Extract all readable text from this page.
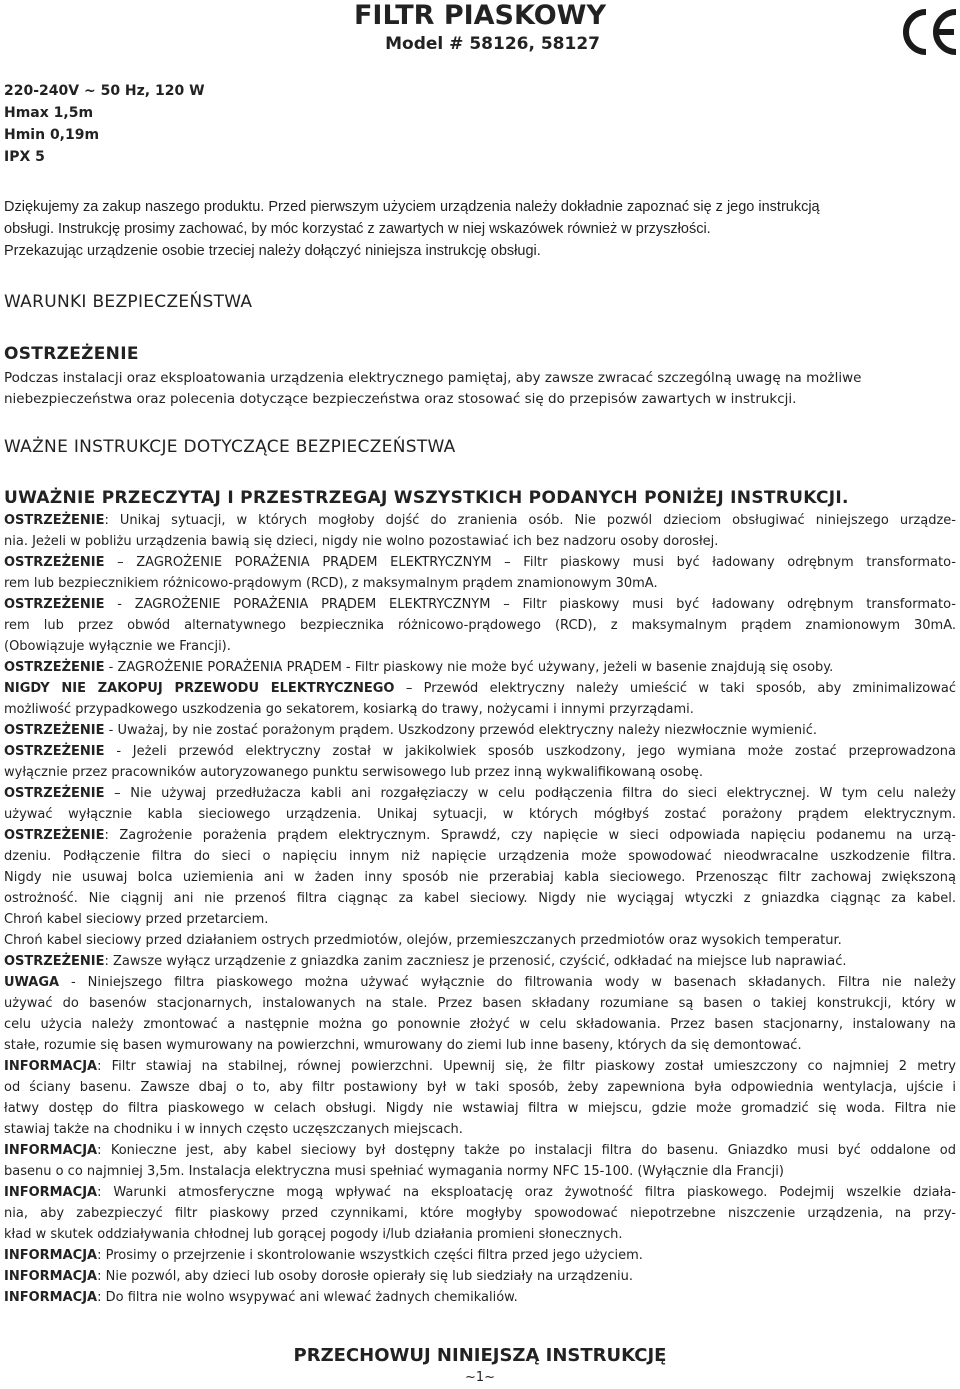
FILTR PIASKOWY
Model # 58126, 58127
220-240V ~ 50 Hz, 120 W
Hmax 1,5m
Hmin 0,19m
IPX 5
Dziękujemy za zakup naszego produktu. Przed pierwszym użyciem urządzenia należy dokładnie zapoznać się z jego instrukcją
obsługi. Instrukcję prosimy zachować, by móc korzystać z zawartych w niej wskazówek również w przyszłości.
Przekazując urządzenie osobie trzeciej należy dołączyć niniejsza instrukcję obsługi.
WARUNKI BEZPIECZEŃSTWA
OSTRZEŻENIE
Podczas instalacji oraz eksploatowania urządzenia elektrycznego pamiętaj, aby zawsze zwracać szczególną uwagę na możliwe
niebezpieczeństwa oraz polecenia dotyczące bezpieczeństwa oraz stosować się do przepisów zawartych w instrukcji.
WAŻNE INSTRUKCJE DOTYCZĄCE BEZPIECZEŃSTWA
UWAŻNIE PRZECZYTAJ I PRZESTRZEGAJ WSZYSTKICH PODANYCH PONIŻEJ INSTRUKCJI.
OSTRZEŻENIE: Unikaj sytuacji, w których mogłoby dojść do zranienia osób. Nie pozwól dzieciom obsługiwać niniejszego urządze-
nia. Jeżeli w pobliżu urządzenia bawią się dzieci, nigdy nie wolno pozostawiać ich bez nadzoru osoby dorosłej.
OSTRZEŻENIE – ZAGROŻENIE PORAŻENIA PRĄDEM ELEKTRYCZNYM – Filtr piaskowy musi być ładowany odrębnym transformato-
rem lub bezpiecznikiem różnicowo-prądowym (RCD), z maksymalnym prądem znamionowym 30mA.
OSTRZEŻENIE - ZAGROŻENIE PORAŻENIA PRĄDEM ELEKTRYCZNYM – Filtr piaskowy musi być ładowany odrębnym transformato-
rem lub przez obwód alternatywnego bezpiecznika różnicowo-prądowego (RCD), z maksymalnym prądem znamionowym 30mA.
(Obowiązuje wyłącznie we Francji).
OSTRZEŻENIE - ZAGROŻENIE PORAŻENIA PRĄDEM - Filtr piaskowy nie może być używany, jeżeli w basenie znajdują się osoby.
NIGDY NIE ZAKOPUJ PRZEWODU ELEKTRYCZNEGO – Przewód elektryczny należy umieścić w taki sposób, aby zminimalizować
możliwość przypadkowego uszkodzenia go sekatorem, kosiarką do trawy, nożycami i innymi przyrządami.
OSTRZEŻENIE - Uważaj, by nie zostać porażonym prądem. Uszkodzony przewód elektryczny należy niezwłocznie wymienić.
OSTRZEŻENIE - Jeżeli przewód elektryczny został w jakikolwiek sposób uszkodzony, jego wymiana może zostać przeprowadzona
wyłącznie przez pracowników autoryzowanego punktu serwisowego lub przez inną wykwalifikowaną osobę.
OSTRZEŻENIE – Nie używaj przedłużacza kabli ani rozgałęziaczy w celu podłączenia filtra do sieci elektrycznej. W tym celu należy
używać wyłącznie kabla sieciowego urządzenia. Unikaj sytuacji, w których mógłbyś zostać porażony prądem elektrycznym.
OSTRZEŻENIE: Zagrożenie porażenia prądem elektrycznym. Sprawdź, czy napięcie w sieci odpowiada napięciu podanemu na urzą-
dzeniu. Podłączenie filtra do sieci o napięciu innym niż napięcie urządzenia może spowodować nieodwracalne uszkodzenie filtra.
Nigdy nie usuwaj bolca uziemienia ani w żaden inny sposób nie przerabiaj kabla sieciowego. Przenosząc filtr zachowaj zwiększoną
ostrożność. Nie ciągnij ani nie przenoś filtra ciągnąc za kabel sieciowy. Nigdy nie wyciągaj wtyczki z gniazdka ciągnąc za kabel.
Chroń kabel sieciowy przed przetarciem.
Chroń kabel sieciowy przed działaniem ostrych przedmiotów, olejów, przemieszczanych przedmiotów oraz wysokich temperatur.
OSTRZEŻENIE: Zawsze wyłącz urządzenie z gniazdka zanim zaczniesz je przenosić, czyścić, odkładać na miejsce lub naprawiać.
UWAGA - Niniejszego filtra piaskowego można używać wyłącznie do filtrowania wody w basenach składanych. Filtra nie należy
używać do basenów stacjonarnych, instalowanych na stale. Przez basen składany rozumiane są basen o takiej konstrukcji, który w
celu użycia należy zmontować a następnie można go ponownie złożyć w celu składowania. Przez basen stacjonarny, instalowany na
stałe, rozumie się basen wymurowany na powierzchni, wmurowany do ziemi lub inne baseny, których da się demontować.
INFORMACJA: Filtr stawiaj na stabilnej, równej powierzchni. Upewnij się, że filtr piaskowy został umieszczony co najmniej 2 metry
od ściany basenu. Zawsze dbaj o to, aby filtr postawiony był w taki sposób, żeby zapewniona była odpowiednia wentylacja, ujście i
łatwy dostęp do filtra piaskowego w celach obsługi. Nigdy nie wstawiaj filtra w miejscu, gdzie może gromadzić się woda. Filtra nie
stawiaj także na chodniku i w innych często uczęszczanych miejscach.
INFORMACJA: Konieczne jest, aby kabel sieciowy był dostępny także po instalacji filtra do basenu. Gniazdko musi być oddalone od
basenu o co najmniej 3,5m. Instalacja elektryczna musi spełniać wymagania normy NFC 15-100. (Wyłącznie dla Francji)
INFORMACJA: Warunki atmosferyczne mogą wpływać na eksploatację oraz żywotność filtra piaskowego. Podejmij wszelkie działa-
nia, aby zabezpieczyć filtr piaskowy przed czynnikami, które mogłyby spowodować niepotrzebne niszczenie urządzenia, na przy-
kład w skutek oddziaływania chłodnej lub gorącej pogody i/lub działania promieni słonecznych.
INFORMACJA: Prosimy o przejrzenie i skontrolowanie wszystkich części filtra przed jego użyciem.
INFORMACJA: Nie pozwól, aby dzieci lub osoby dorosłe opierały się lub siedziały na urządzeniu.
INFORMACJA: Do filtra nie wolno wsypywać ani wlewać żadnych chemikaliów.
PRZECHOWUJ NINIEJSZĄ INSTRUKCJĘ
~1~
